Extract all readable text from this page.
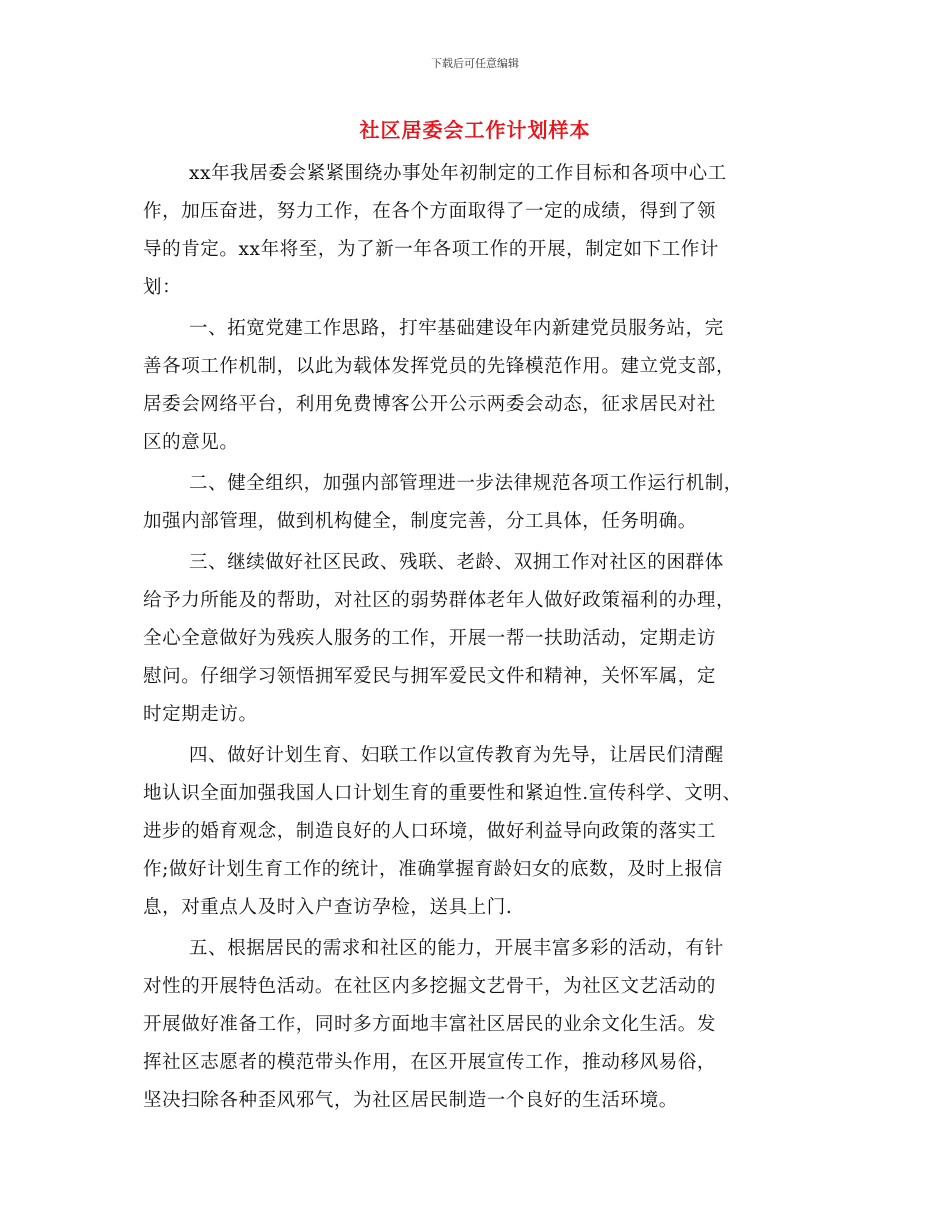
下载后可任意编辑
社区居委会工作计划样本
xx年我居委会紧紧围绕办事处年初制定的工作目标和各项中心工
作，加压奋进，努力工作，在各个方面取得了一定的成绩，得到了领
导的肯定。xx年将至，为了新一年各项工作的开展，制定如下工作计
划：
一、拓宽党建工作思路，打牢基础建设年内新建党员服务站，完
善各项工作机制，以此为载体发挥党员的先锋模范作用。建立党支部，
居委会网络平台，利用免费博客公开公示两委会动态，征求居民对社
区的意见。
二、健全组织，加强内部管理进一步法律规范各项工作运行机制，
加强内部管理，做到机构健全，制度完善，分工具体，任务明确。
三、继续做好社区民政、残联、老龄、双拥工作对社区的困群体
给予力所能及的帮助，对社区的弱势群体老年人做好政策福利的办理，
全心全意做好为残疾人服务的工作，开展一帮一扶助活动，定期走访
慰问。仔细学习领悟拥军爱民与拥军爱民文件和精神，关怀军属，定
时定期走访。
四、做好计划生育、妇联工作以宣传教育为先导，让居民们清醒
地认识全面加强我国人口计划生育的重要性和紧迫性.宣传科学、文明、
进步的婚育观念，制造良好的人口环境，做好利益导向政策的落实工
作;做好计划生育工作的统计，准确掌握育龄妇女的底数，及时上报信
息，对重点人及时入户查访孕检，送具上门.
五、根据居民的需求和社区的能力，开展丰富多彩的活动，有针
对性的开展特色活动。在社区内多挖掘文艺骨干，为社区文艺活动的
开展做好准备工作，同时多方面地丰富社区居民的业余文化生活。发
挥社区志愿者的模范带头作用，在区开展宣传工作，推动移风易俗，
坚决扫除各种歪风邪气，为社区居民制造一个良好的生活环境。
